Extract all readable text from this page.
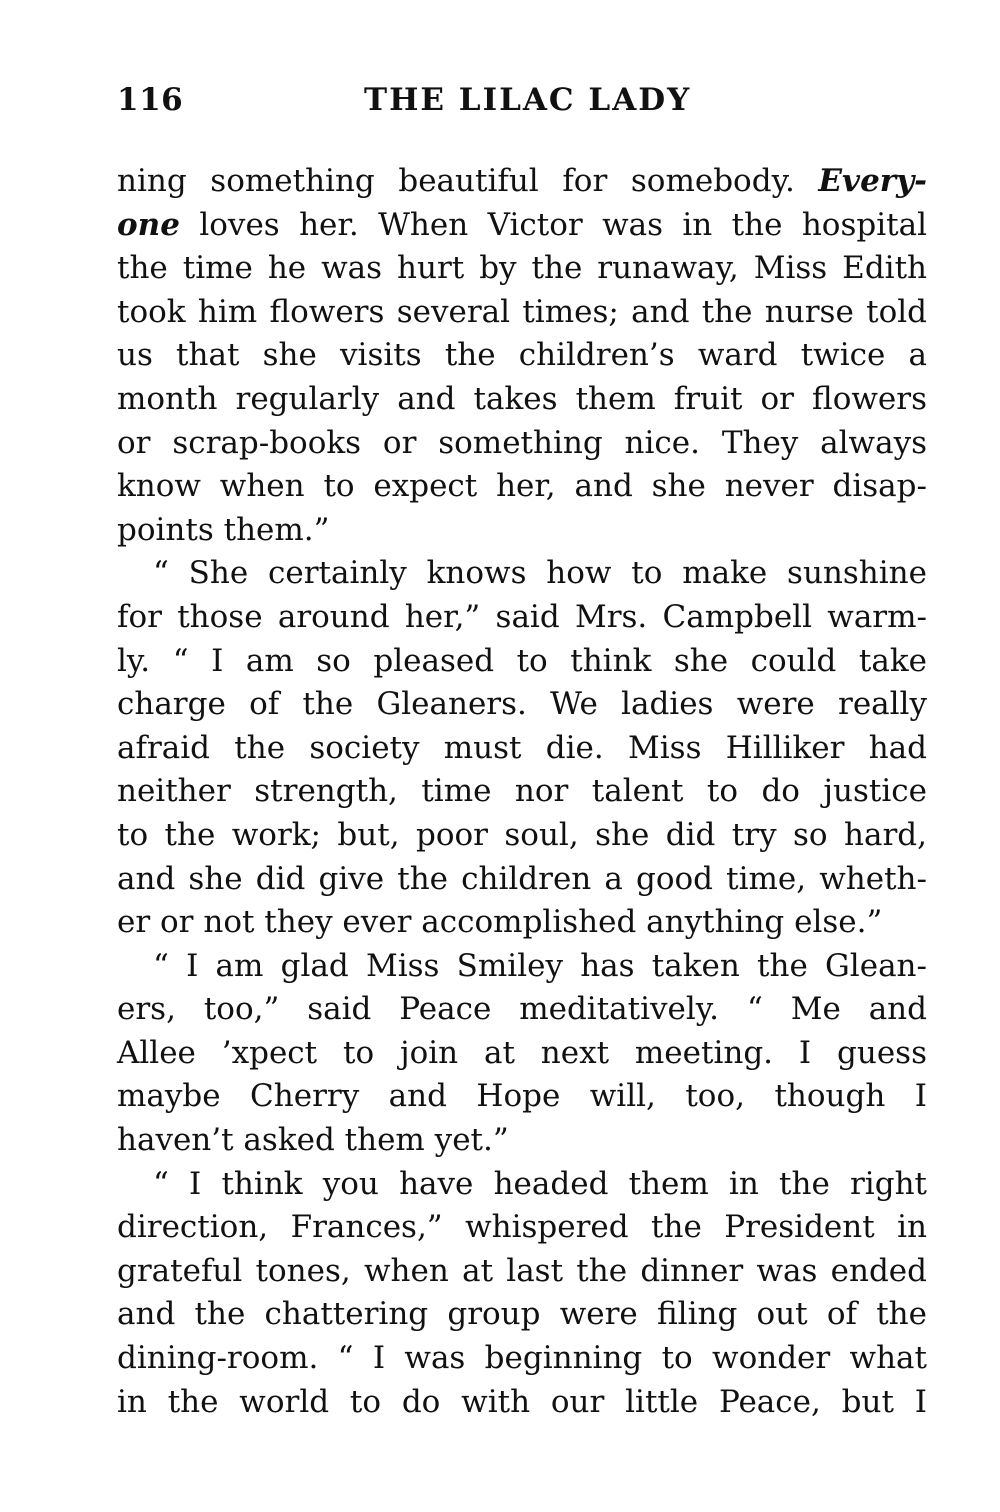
116	THE LILAC LADY
ning something beautiful for somebody. Every-
one loves her. When Victor was in the hospital
the time he was hurt by the runaway, Miss Edith
took him flowers several times; and the nurse told
us that she visits the children’s ward twice a
month regularly and takes them fruit or flowers
or scrap-books or something nice. They always
know when to expect her, and she never disap-
points them.”
“ She certainly knows how to make sunshine
for those around her,” said Mrs. Campbell warm-
ly. “ I am so pleased to think she could take
charge of the Gleaners. We ladies were really
afraid the society must die. Miss Hilliker had
neither strength, time nor talent to do justice
to the work; but, poor soul, she did try so hard,
and she did give the children a good time, wheth-
er or not they ever accomplished anything else.”
“ I am glad Miss Smiley has taken the Glean-
ers, too,” said Peace meditatively. “ Me and
Allee ’xpect to join at next meeting. I guess
maybe Cherry and Hope will, too, though I
haven’t asked them yet.”
“ I think you have headed them in the right
direction, Frances,” whispered the President in
grateful tones, when at last the dinner was ended
and the chattering group were filing out of the
dining-room. “ I was beginning to wonder what
in the world to do with our little Peace, but I
